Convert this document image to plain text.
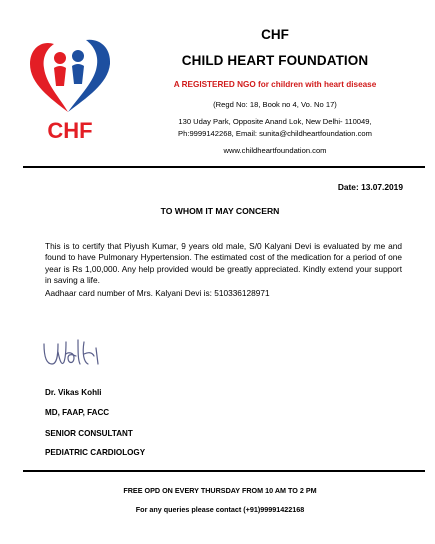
CHF
CHF
CHILD HEART FOUNDATION
A REGISTERED NGO for children with heart disease
(Regd No: 18, Book no 4, Vo. No 17)
130 Uday Park, Opposite Anand Lok, New Delhi- 110049,
Ph:9999142268, Email: sunita@childheartfoundation.com
www.childheartfoundation.com
Date: 13.07.2019
TO WHOM IT MAY CONCERN
This is to certify that Piyush Kumar, 9 years old male, S/0 Kalyani Devi is evaluated by me and found to have Pulmonary Hypertension. The estimated cost of the medication for a period of one year is Rs 1,00,000. Any help provided would be greatly appreciated. Kindly extend your support in saving a life.
Aadhaar card number of Mrs. Kalyani Devi is: 510336128971
Dr. Vikas Kohli
MD, FAAP, FACC
SENIOR CONSULTANT
PEDIATRIC CARDIOLOGY
FREE OPD ON EVERY THURSDAY FROM 10 AM TO 2 PM
For any queries please contact (+91)99991422168
